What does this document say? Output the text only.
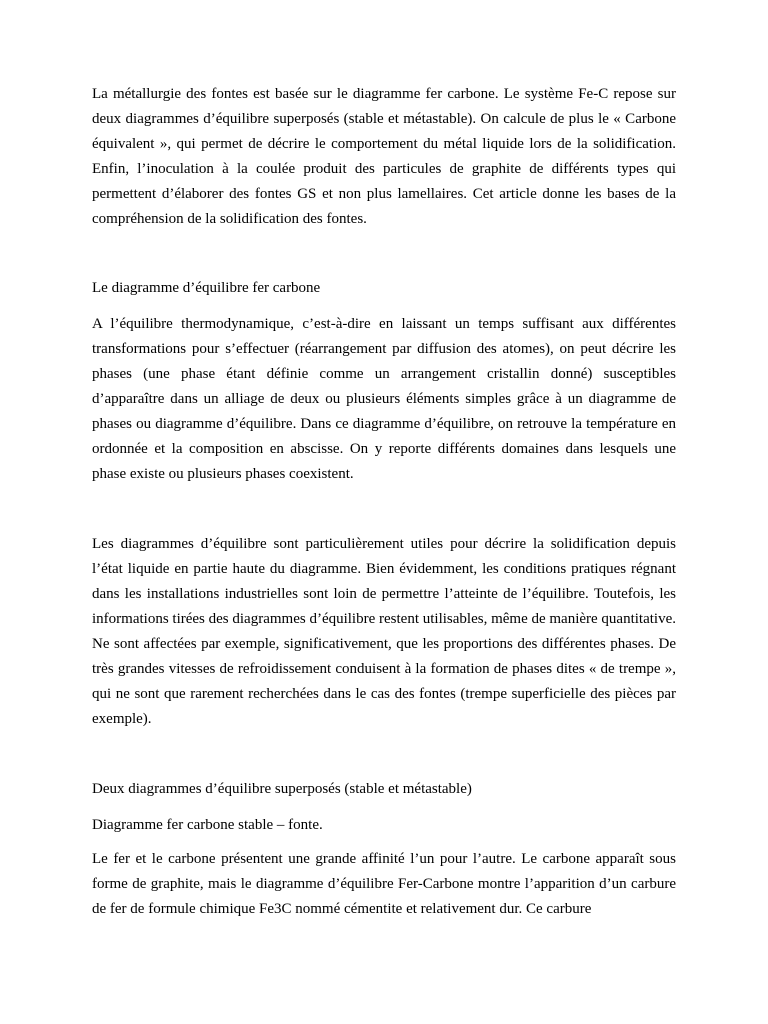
La métallurgie des fontes est basée sur le diagramme fer carbone. Le système Fe-C repose sur deux diagrammes d’équilibre superposés (stable et métastable). On calcule de plus le « Carbone équivalent », qui permet de décrire le comportement du métal liquide lors de la solidification. Enfin, l’inoculation à la coulée produit des particules de graphite de différents types qui permettent d’élaborer des fontes GS et non plus lamellaires. Cet article donne les bases de la compréhension de la solidification des fontes.

Le diagramme d’équilibre fer carbone

A l’équilibre thermodynamique, c’est-à-dire en laissant un temps suffisant aux différentes transformations pour s’effectuer (réarrangement par diffusion des atomes), on peut décrire les phases (une phase étant définie comme un arrangement cristallin donné) susceptibles d’apparaître dans un alliage de deux ou plusieurs éléments simples grâce à un diagramme de phases ou diagramme d’équilibre. Dans ce diagramme d’équilibre, on retrouve la température en ordonnée et la composition en abscisse. On y reporte différents domaines dans lesquels une phase existe ou plusieurs phases coexistent.

Les diagrammes d’équilibre sont particulièrement utiles pour décrire la solidification depuis l’état liquide en partie haute du diagramme. Bien évidemment, les conditions pratiques régnant dans les installations industrielles sont loin de permettre l’atteinte de l’équilibre. Toutefois, les informations tirées des diagrammes d’équilibre restent utilisables, même de manière quantitative. Ne sont affectées par exemple, significativement, que les proportions des différentes phases. De très grandes vitesses de refroidissement conduisent à la formation de phases dites « de trempe », qui ne sont que rarement recherchées dans le cas des fontes (trempe superficielle des pièces par exemple).

Deux diagrammes d’équilibre superposés (stable et métastable)

Diagramme fer carbone stable – fonte.

Le fer et le carbone présentent une grande affinité l’un pour l’autre. Le carbone apparaît sous forme de graphite, mais le diagramme d’équilibre Fer-Carbone montre l’apparition d’un carbure de fer de formule chimique Fe3C nommé cémentite et relativement dur. Ce carbure
